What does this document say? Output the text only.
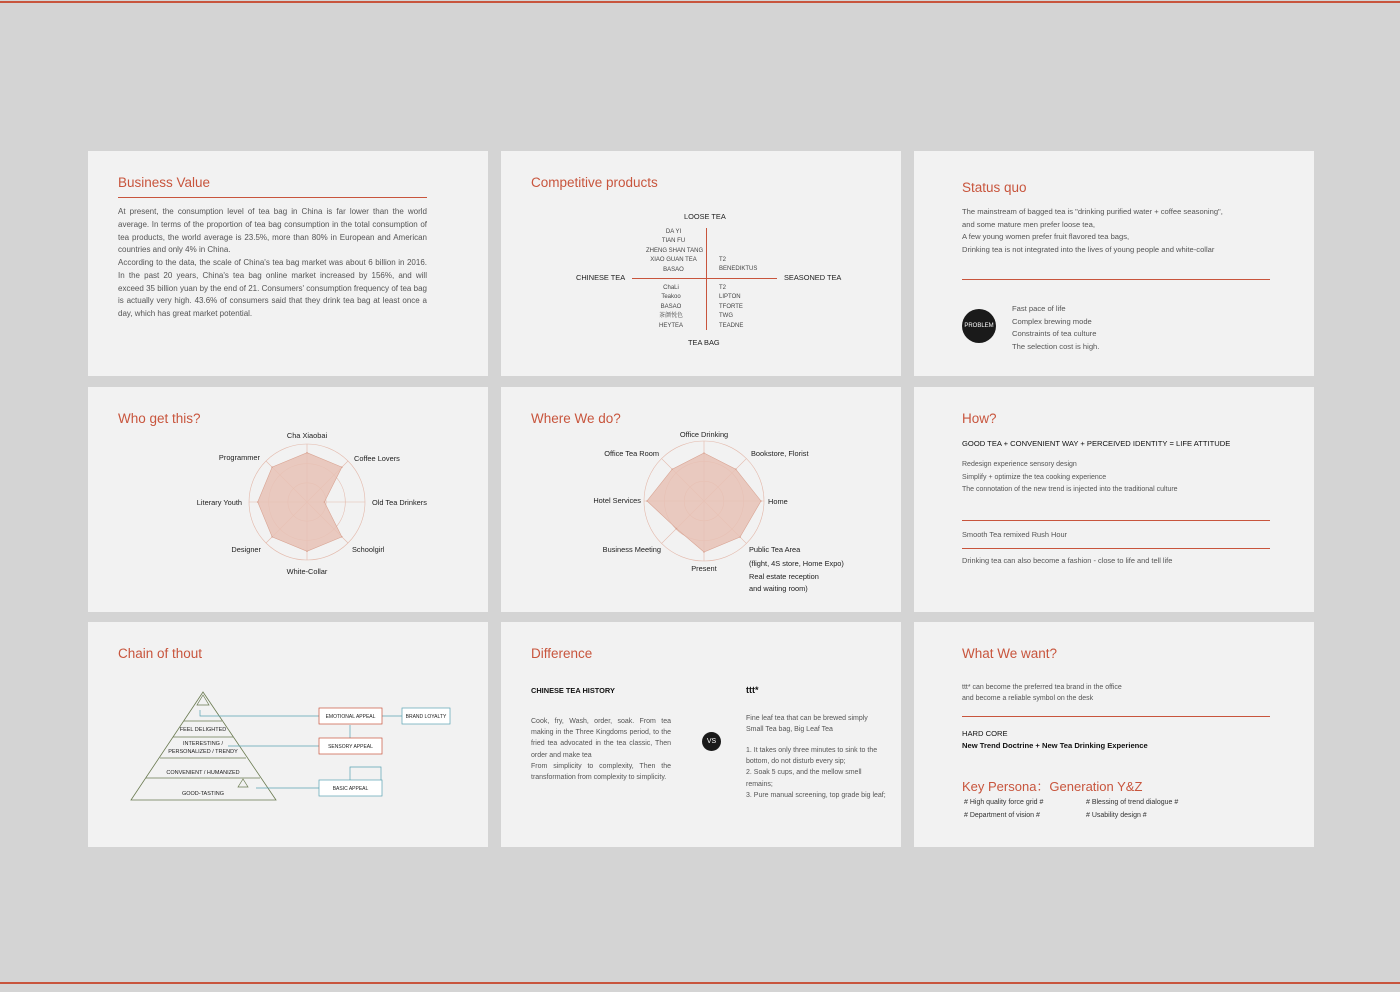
Business Value
At present, the consumption level of tea bag in China is far lower than the world average. In terms of the proportion of tea bag consumption in the total consumption of tea products, the world average is 23.5%, more than 80% in European and American countries and only 4% in China.
According to the data, the scale of China's tea bag market was about 6 billion in 2016. In the past 20 years, China's tea bag online market increased by 156%, and will exceed 35 billion yuan by the end of 21. Consumers' consumption frequency of tea bag is actually very high. 43.6% of consumers said that they drink tea bag at least once a day, which has great market potential.
Competitive products
LOOSE TEA
TEA BAG
CHINESE TEA	SEASONED TEA
DA YI
TIAN FU
ZHENG SHAN TANG
XIAO GUAN TEA
BASAO
T2
BENEDIKTUS
ChaLi
Teakoo
BASAO
茶颜悦色
HEYTEA
T2
LIPTON
TFORTE
TWG
TEADNE
Status quo
The mainstream of bagged tea is "drinking purified water + coffee seasoning",
and some mature men prefer loose tea,
A few young women prefer fruit flavored tea bags,
Drinking tea is not integrated into the lives of young people and white-collar
PROBLEM
Fast pace of life
Complex brewing mode
Constraints of tea culture
The selection cost is high.
Who get this?
Cha Xiaobai
Coffee Lovers
Old Tea Drinkers
Schoolgirl
White-Collar
Designer
Literary Youth
Programmer
Where We do?
Office Drinking
Bookstore, Florist
Home
Public Tea Area
Present
Business Meeting
Hotel Services
Office Tea Room
(flight, 4S store, Home Expo)
Real estate reception
and waiting room)
How?
GOOD TEA + CONVENIENT WAY + PERCEIVED IDENTITY = LIFE ATTITUDE
Redesign experience sensory design
Simplify + optimize the tea cooking experience
The connotation of the new trend is injected into the traditional culture
Smooth Tea remixed Rush Hour
Drinking tea can also become a fashion - close to life and tell life
Chain of thout
FEEL DELIGHTED
INTERESTING /
PERSONALIZED / TRENDY
CONVENIENT / HUMANIZED
GOOD-TASTING
EMOTIONAL APPEAL
SENSORY APPEAL
BASIC APPEAL
BRAND LOYALTY
Difference
CHINESE TEA HISTORY
Cook, fry, Wash, order, soak. From tea making in the Three Kingdoms period, to the fried tea advocated in the tea classic, Then order and make tea
From simplicity to complexity, Then the transformation from complexity to simplicity.
VS
ttt*
Fine leaf tea that can be brewed simply
Small Tea bag, Big Leaf Tea
1. It takes only three minutes to sink to the bottom, do not disturb every sip;
2. Soak 5 cups, and the mellow smell remains;
3. Pure manual screening, top grade big leaf;
What We want?
ttt* can become the preferred tea brand in the office
and become a reliable symbol on the desk
HARD CORE
New Trend Doctrine + New Tea Drinking Experience
Key Persona：Generation Y&Z
# High quality force grid #	# Blessing of trend dialogue #
# Department of vision #	# Usability design #
